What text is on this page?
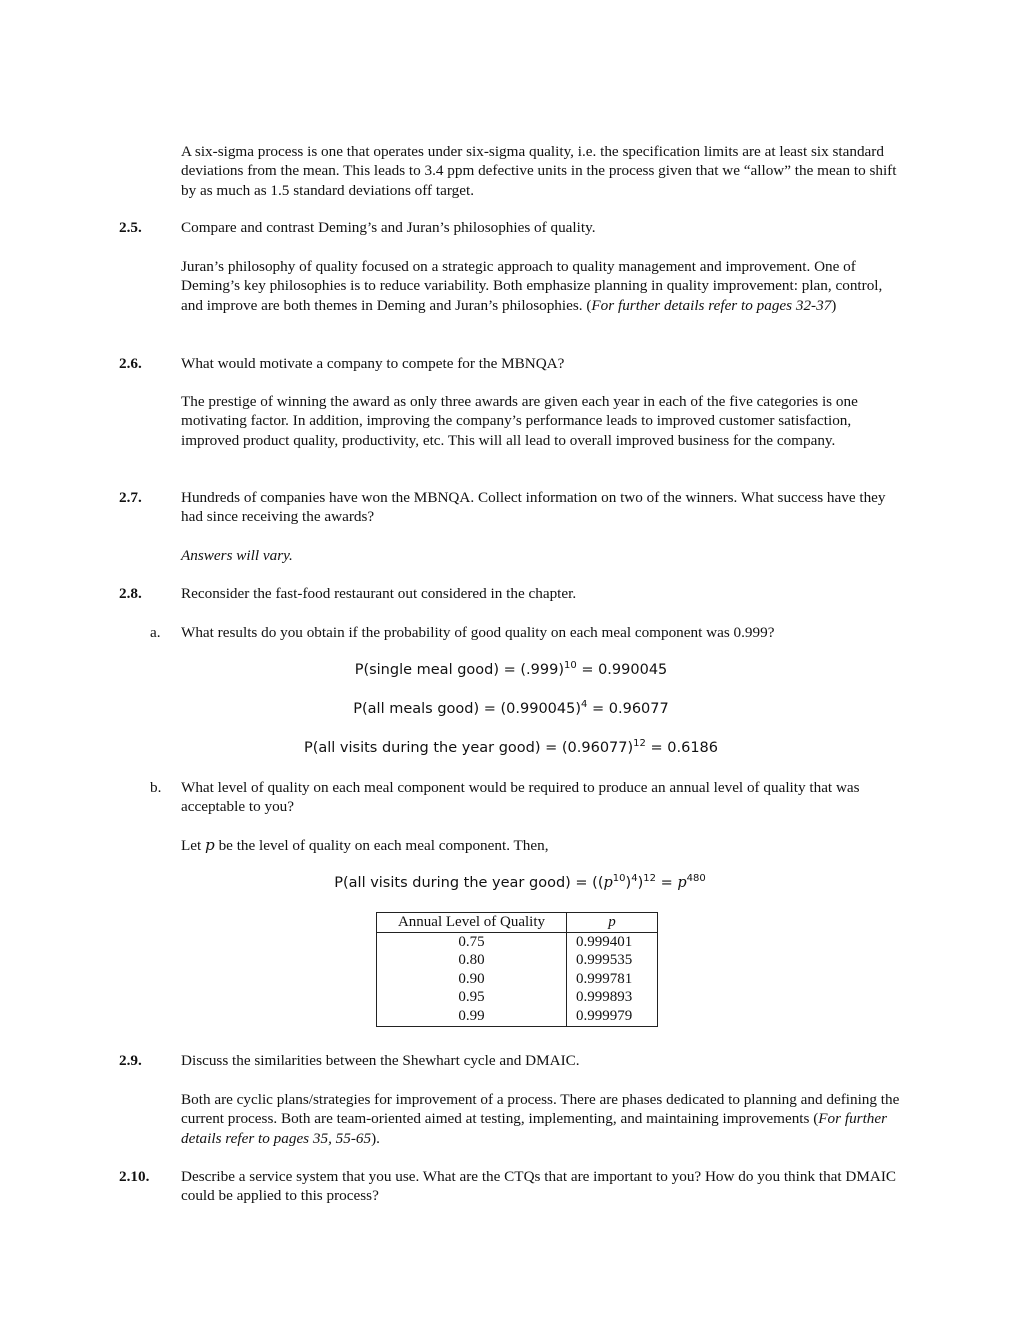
A six-sigma process is one that operates under six-sigma quality, i.e. the specification limits are at least six standard deviations from the mean. This leads to 3.4 ppm defective units in the process given that we “allow” the mean to shift by as much as 1.5 standard deviations off target.

2.5.	Compare and contrast Deming’s and Juran’s philosophies of quality.

Juran’s philosophy of quality focused on a strategic approach to quality management and improvement. One of Deming’s key philosophies is to reduce variability. Both emphasize planning in quality improvement: plan, control, and improve are both themes in Deming and Juran’s philosophies. (For further details refer to pages 32-37)

2.6.	What would motivate a company to compete for the MBNQA?

The prestige of winning the award as only three awards are given each year in each of the five categories is one motivating factor. In addition, improving the company’s performance leads to improved customer satisfaction, improved product quality, productivity, etc. This will all lead to overall improved business for the company.

2.7.	Hundreds of companies have won the MBNQA. Collect information on two of the winners. What success have they had since receiving the awards?

Answers will vary.

2.8.	Reconsider the fast-food restaurant out considered in the chapter.

a. What results do you obtain if the probability of good quality on each meal component was 0.999?

P(single meal good) = $(.999)^{10} = 0.990045$

P(all meals good) = $(0.990045)^4 = 0.96077$

P(all visits during the year good) = $(0.96077)^{12} = 0.6186$

b. What level of quality on each meal component would be required to produce an annual level of quality that was acceptable to you?

Let p be the level of quality on each meal component. Then,

P(all visits during the year good) = $((p^{10})^4)^{12} = p^{480}$

Annual Level of Quality	p
0.75	0.999401
0.80	0.999535
0.90	0.999781
0.95	0.999893
0.99	0.999979

2.9.	Discuss the similarities between the Shewhart cycle and DMAIC.

Both are cyclic plans/strategies for improvement of a process. There are phases dedicated to planning and defining the current process. Both are team-oriented aimed at testing, implementing, and maintaining improvements (For further details refer to pages 35, 55-65).

2.10. Describe a service system that you use. What are the CTQs that are important to you? How do you think that DMAIC could be applied to this process?
